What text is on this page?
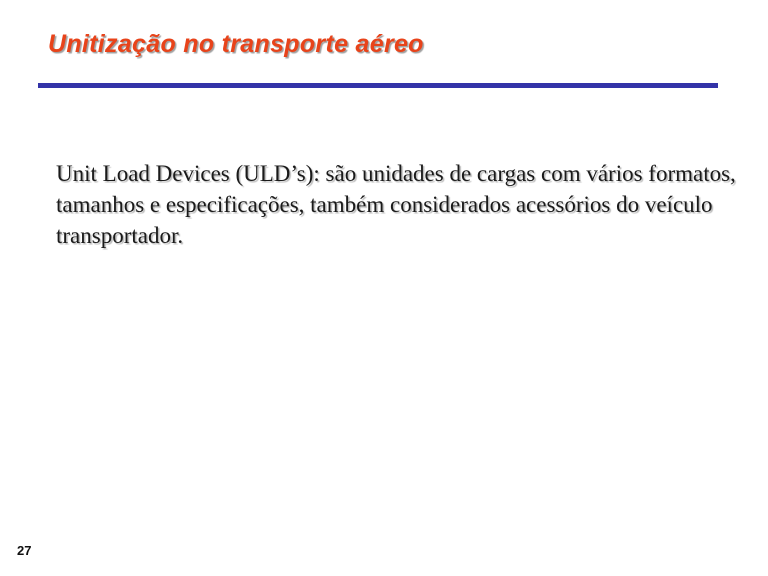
Unitização no transporte aéreo

Unit Load Devices (ULD’s): são unidades de cargas com vários formatos, tamanhos e especificações, também considerados acessórios do veículo transportador.

27
